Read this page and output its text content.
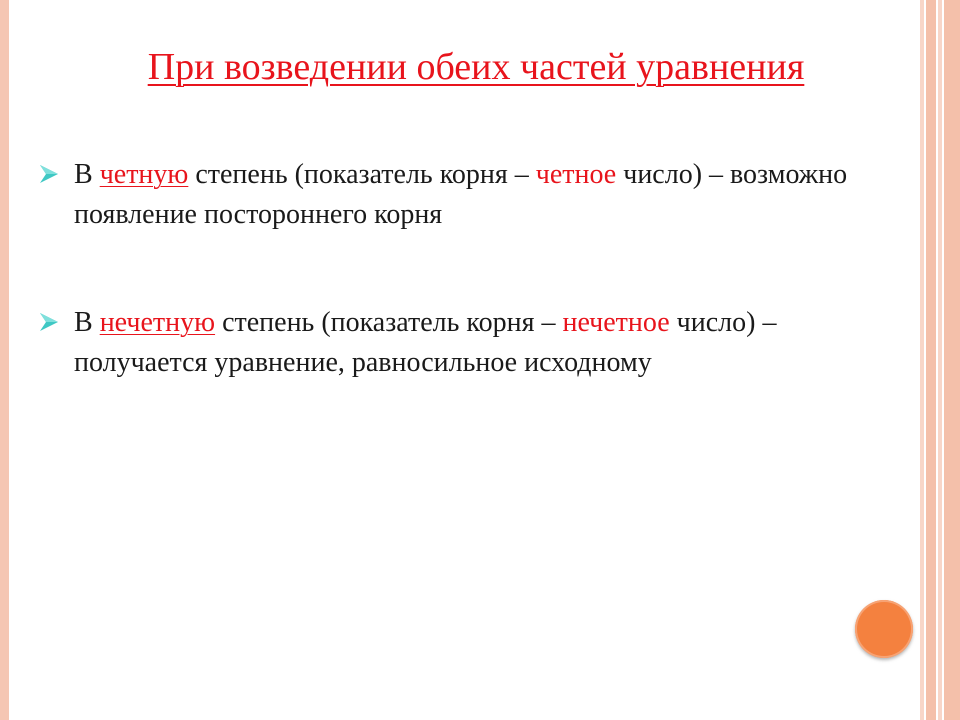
При возведении обеих частей уравнения
В четную степень (показатель корня – четное число) – возможно появление постороннего корня
В нечетную степень (показатель корня – нечетное число) – получается уравнение, равносильное исходному
